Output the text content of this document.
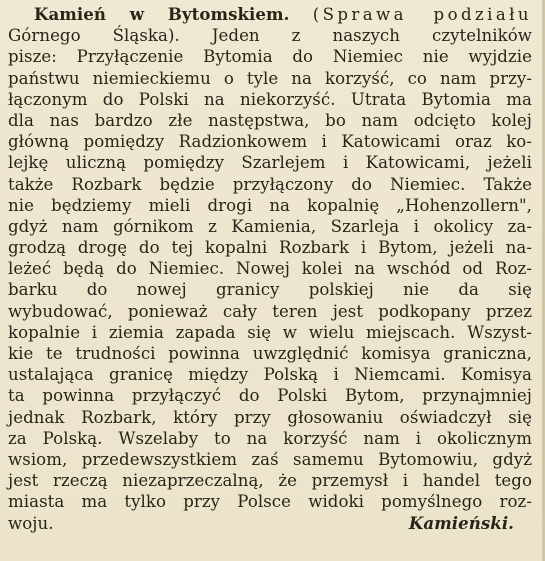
Kamień w Bytomskiem. (Sprawa podziału
Górnego Śląska). Jeden z naszych czytelników
pisze: Przyłączenie Bytomia do Niemiec nie wyjdzie
państwu niemieckiemu o tyle na korzyść, co nam przy-
łączonym do Polski na niekorzyść. Utrata Bytomia ma
dla nas bardzo złe następstwa, bo nam odcięto kolej
główną pomiędzy Radzionkowem i Katowicami oraz ko-
lejkę uliczną pomiędzy Szarlejem i Katowicami, jeżeli
także Rozbark będzie przyłączony do Niemiec. Także
nie będziemy mieli drogi na kopalnię „Hohenzollern",
gdyż nam górnikom z Kamienia, Szarleja i okolicy za-
grodzą drogę do tej kopalni Rozbark i Bytom, jeżeli na-
leżeć będą do Niemiec. Nowej kolei na wschód od Roz-
barku do nowej granicy polskiej nie da się
wybudować, ponieważ cały teren jest podkopany przez
kopalnie i ziemia zapada się w wielu miejscach. Wszyst-
kie te trudności powinna uwzględnić komisya graniczna,
ustalająca granicę między Polską i Niemcami. Komisya
ta powinna przyłączyć do Polski Bytom, przynajmniej
jednak Rozbark, który przy głosowaniu oświadczył się
za Polską. Wszelaby to na korzyść nam i okolicznym
wsiom, przedewszystkiem zaś samemu Bytomowiu, gdyż
jest rzeczą niezaprzeczalną, że przemysł i handel tego
miasta ma tylko przy Polsce widoki pomyślnego roz-
woju.	Kamieński.
